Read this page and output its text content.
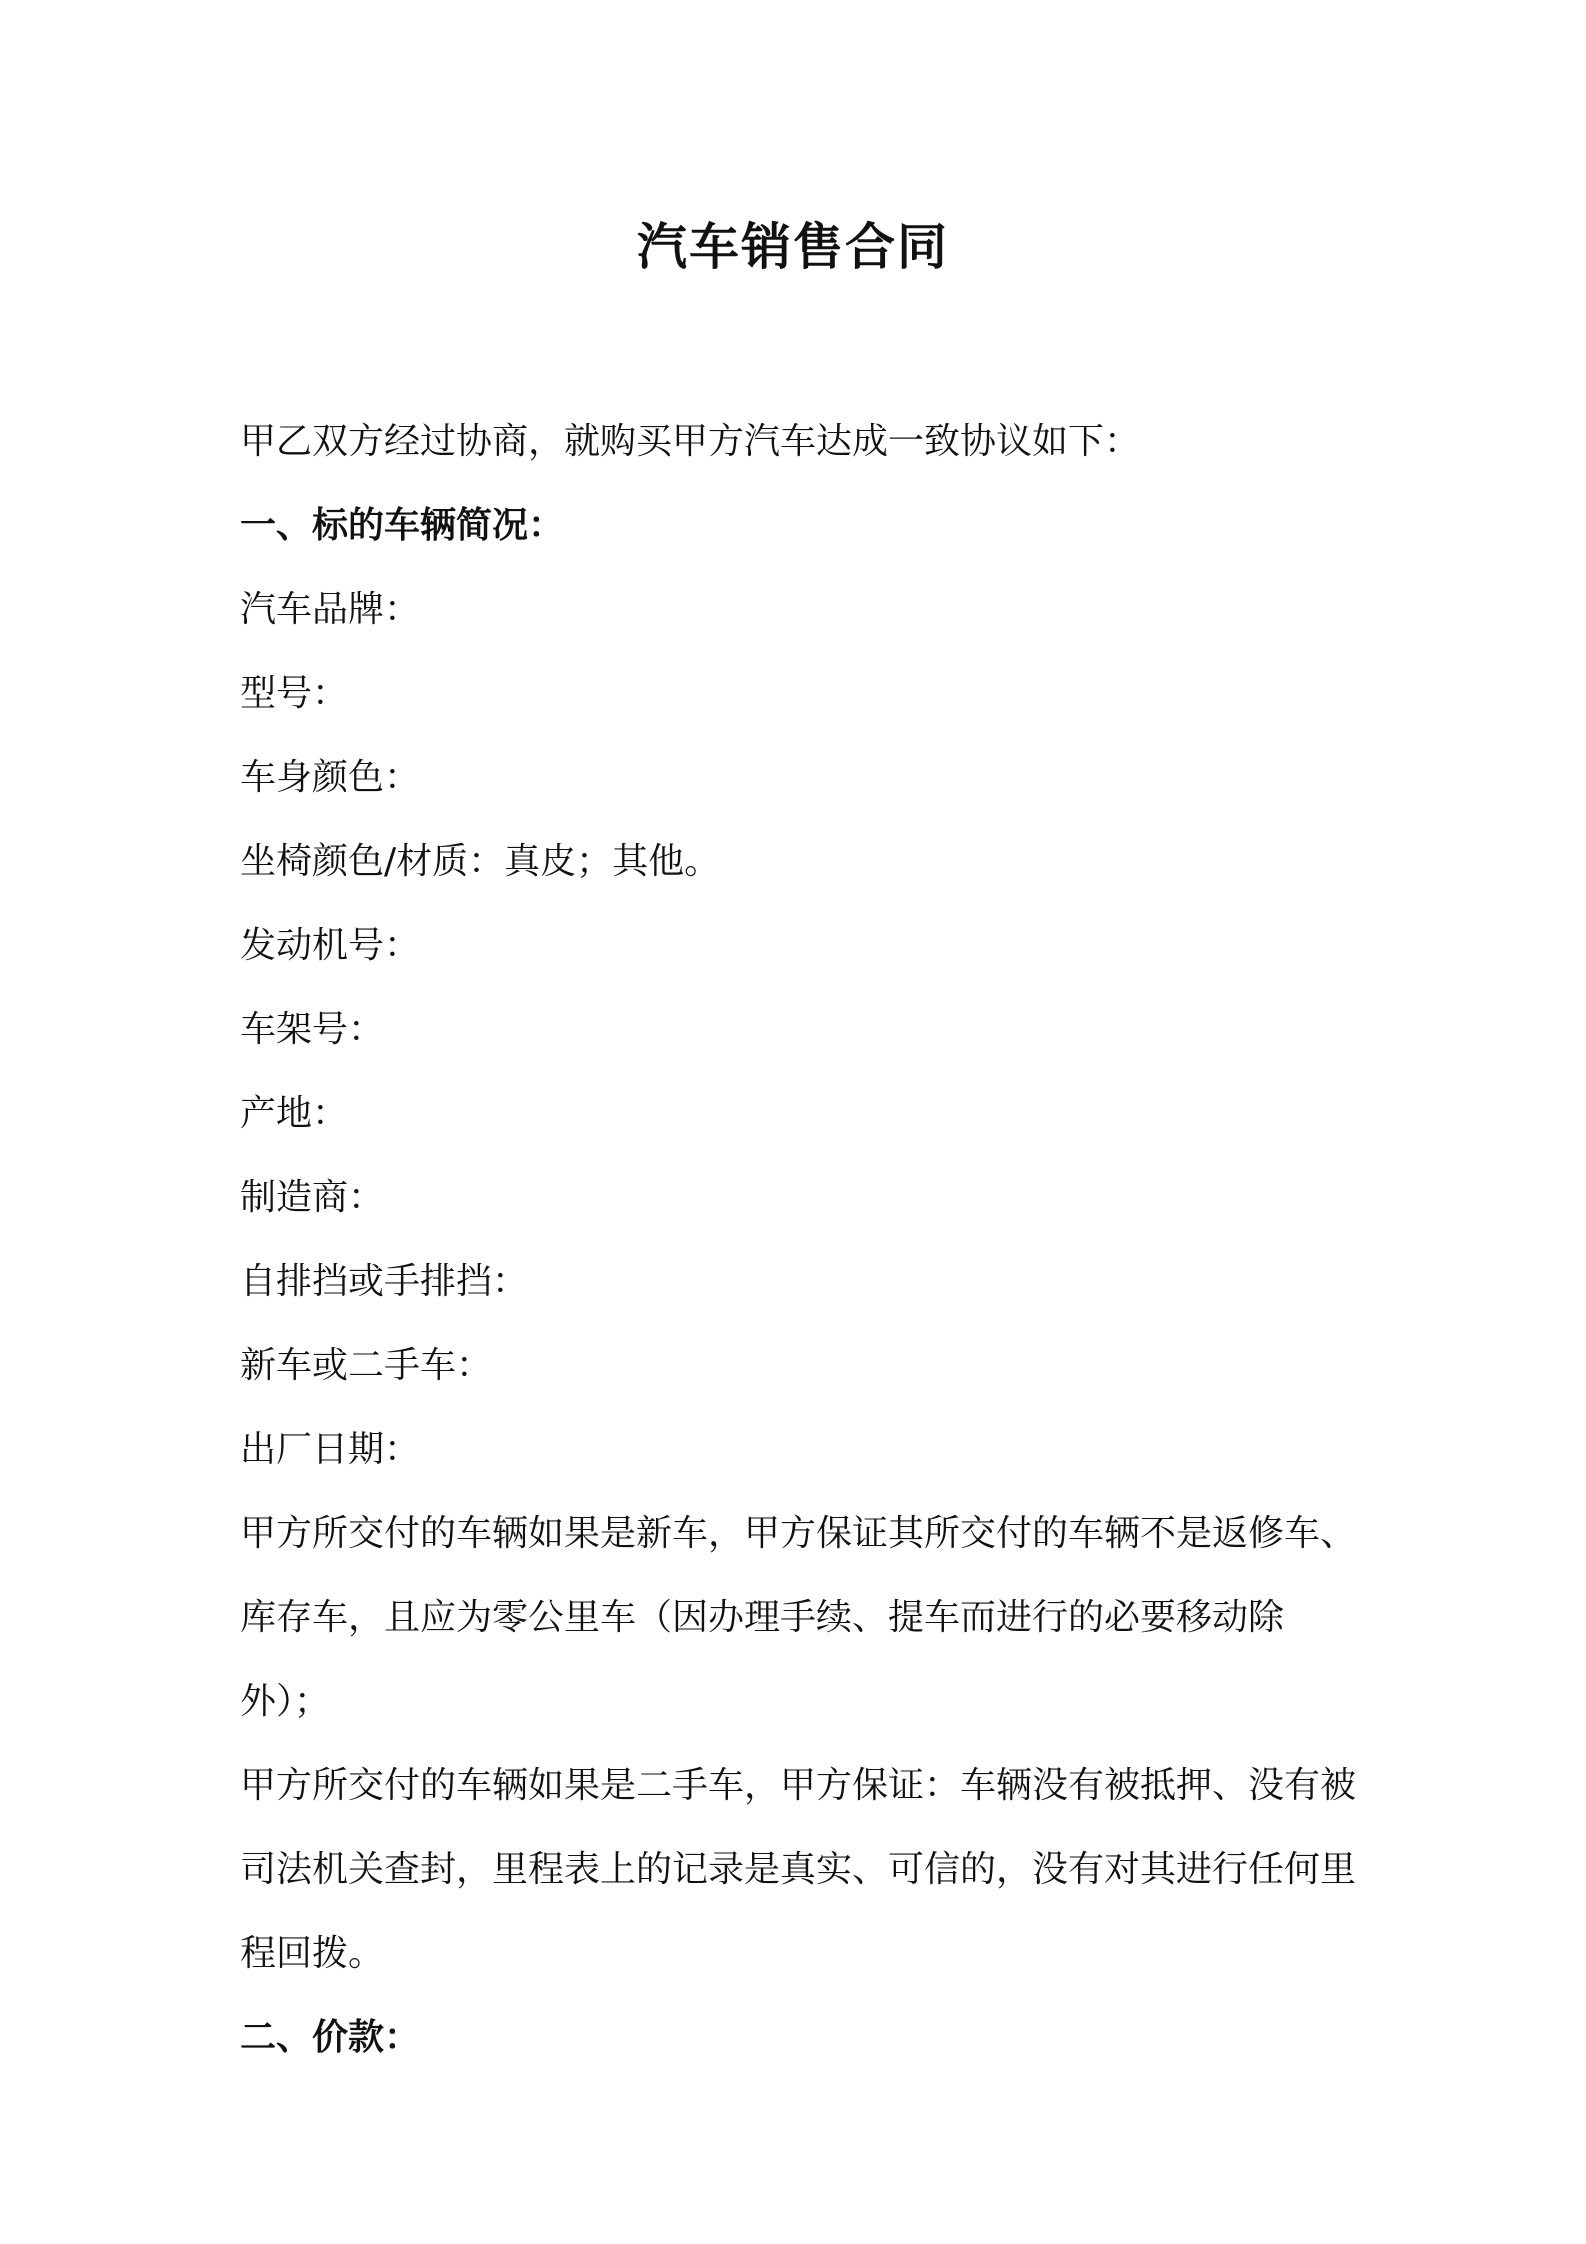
汽车销售合同

甲乙双方经过协商，就购买甲方汽车达成一致协议如下：

一、标的车辆简况：

汽车品牌：

型号：

车身颜色：

坐椅颜色/材质：真皮；其他。

发动机号：

车架号：

产地：

制造商：

自排挡或手排挡：

新车或二手车：

出厂日期：

甲方所交付的车辆如果是新车，甲方保证其所交付的车辆不是返修车、库存车，且应为零公里车（因办理手续、提车而进行的必要移动除外）；

甲方所交付的车辆如果是二手车，甲方保证：车辆没有被抵押、没有被司法机关查封，里程表上的记录是真实、可信的，没有对其进行任何里程回拨。

二、价款：
